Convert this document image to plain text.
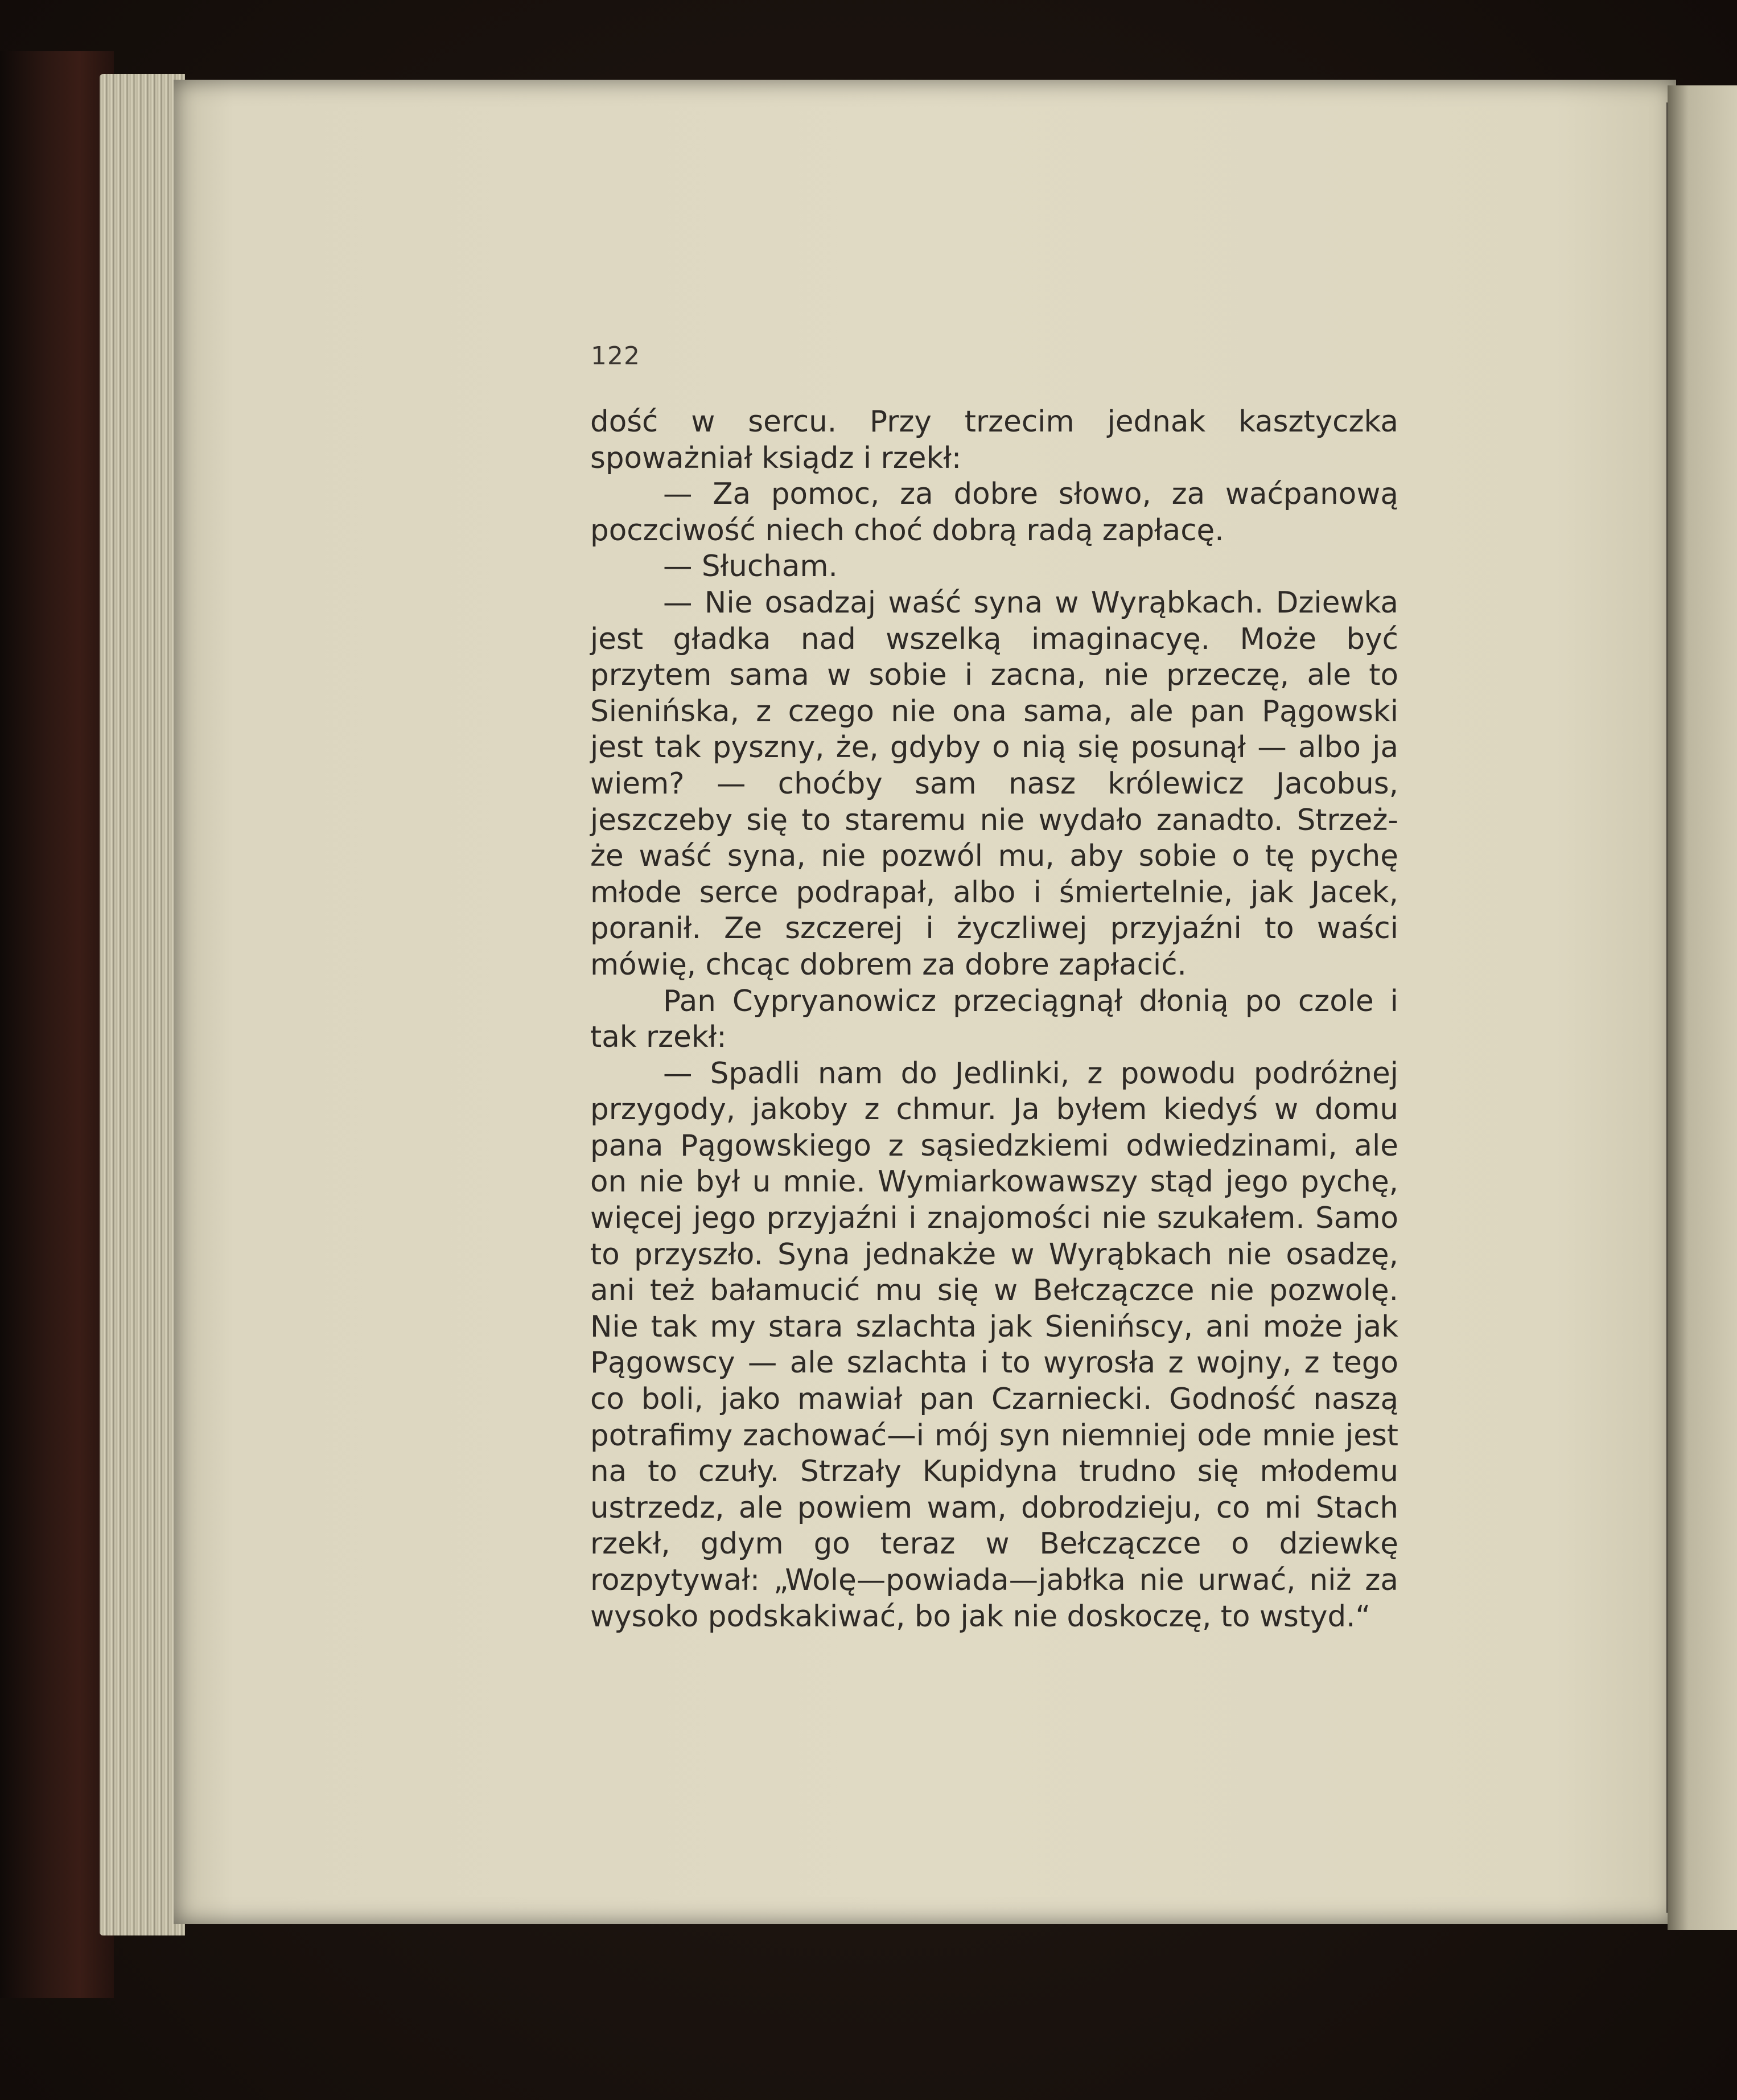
122

dość w sercu. Przy trzecim jednak kasztyczka spoważniał ksiądz i rzekł:

— Za pomoc, za dobre słowo, za waćpanową poczciwość niech choć dobrą radą zapłacę.

— Słucham.

— Nie osadzaj waść syna w Wyrąbkach. Dziewka jest gładka nad wszelką imaginacyę. Może być przytem sama w sobie i zacna, nie przeczę, ale to Sienińska, z czego nie ona sama, ale pan Pągowski jest tak pyszny, że, gdyby o nią się posunął — albo ja wiem? — choćby sam nasz królewicz Jacobus, jeszczeby się to staremu nie wydało zanadto. Strzeż-że waść syna, nie pozwól mu, aby sobie o tę pychę młode serce podrapał, albo i śmiertelnie, jak Jacek, poranił. Ze szczerej i życzliwej przyjaźni to waści mówię, chcąc dobrem za dobre zapłacić.

Pan Cypryanowicz przeciągnął dłonią po czole i tak rzekł:

— Spadli nam do Jedlinki, z powodu podróżnej przygody, jakoby z chmur. Ja byłem kiedyś w domu pana Pągowskiego z sąsiedzkiemi odwiedzinami, ale on nie był u mnie. Wymiarkowawszy stąd jego pychę, więcej jego przyjaźni i znajomości nie szukałem. Samo to przyszło. Syna jednakże w Wyrąbkach nie osadzę, ani też bałamucić mu się w Bełczączce nie pozwolę. Nie tak my stara szlachta jak Sienińscy, ani może jak Pągowscy — ale szlachta i to wyrosła z wojny, z tego co boli, jako mawiał pan Czarniecki. Godność naszą potrafimy zachować—i mój syn niemniej ode mnie jest na to czuły. Strzały Kupidyna trudno się młodemu ustrzedz, ale powiem wam, dobrodzieju, co mi Stach rzekł, gdym go teraz w Bełczączce o dziewkę rozpytywał: „Wolę—powiada—jabłka nie urwać, niż za wysoko podskakiwać, bo jak nie doskoczę, to wstyd.“
